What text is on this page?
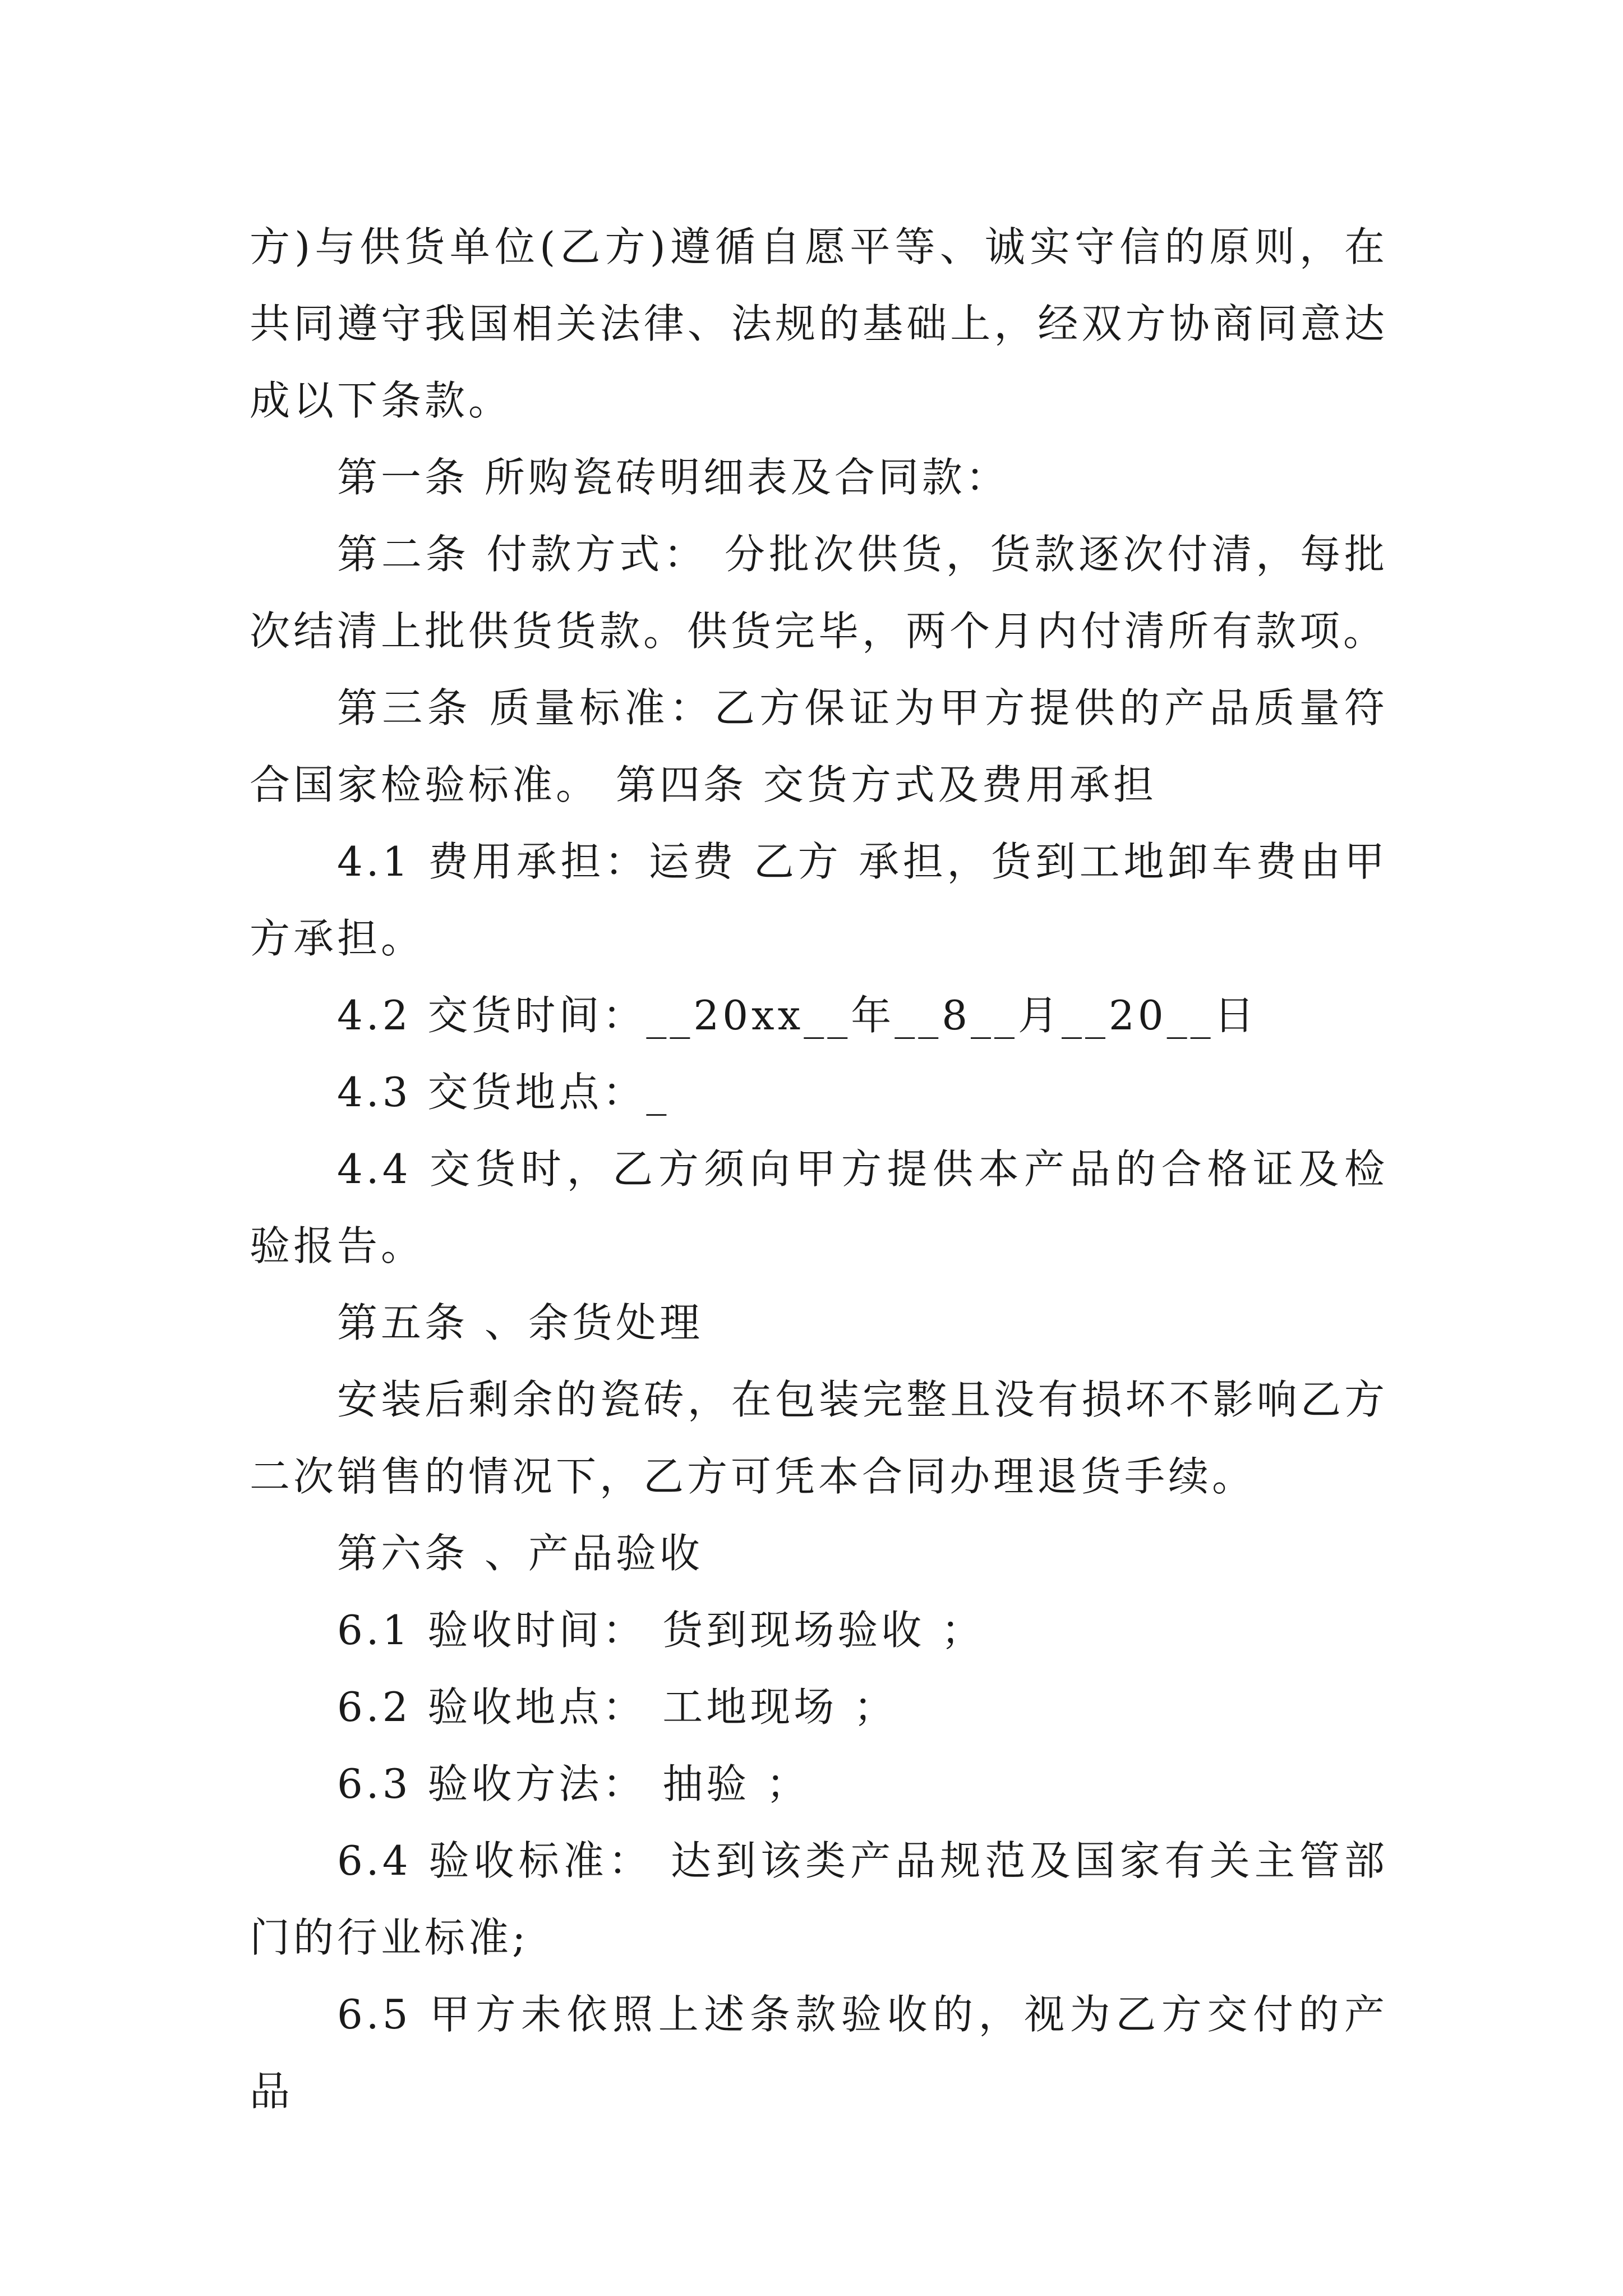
方)与供货单位(乙方)遵循自愿平等、诚实守信的原则，在共同遵守我国相关法律、法规的基础上，经双方协商同意达成以下条款。

第一条 所购瓷砖明细表及合同款：

第二条 付款方式： 分批次供货，货款逐次付清，每批次结清上批供货货款。供货完毕，两个月内付清所有款项。

第三条 质量标准：乙方保证为甲方提供的产品质量符合国家检验标准。 第四条 交货方式及费用承担

4.1 费用承担：运费 乙方 承担，货到工地卸车费由甲方承担。

4.2 交货时间：__20xx__年__8__月__20__日

4.3 交货地点：_

4.4 交货时，乙方须向甲方提供本产品的合格证及检验报告。

第五条 、余货处理

安装后剩余的瓷砖，在包装完整且没有损坏不影响乙方二次销售的情况下，乙方可凭本合同办理退货手续。

第六条 、产品验收

6.1 验收时间： 货到现场验收 ；

6.2 验收地点： 工地现场 ；

6.3 验收方法： 抽验 ；

6.4 验收标准： 达到该类产品规范及国家有关主管部门的行业标准;

6.5 甲方未依照上述条款验收的，视为乙方交付的产品
